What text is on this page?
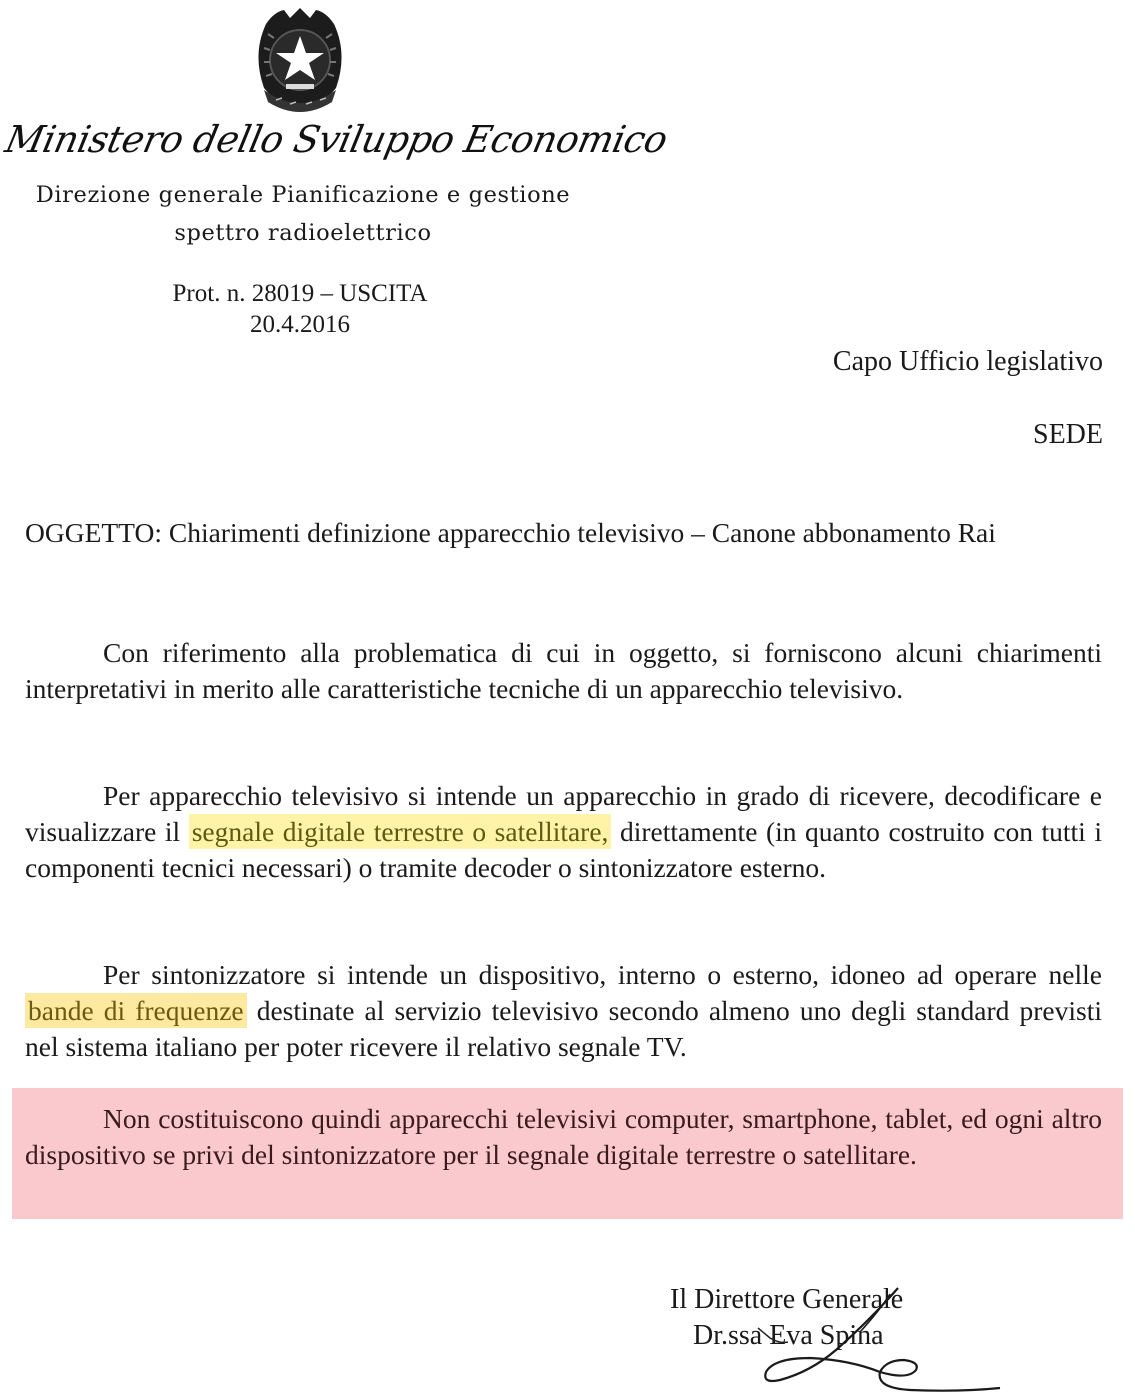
Ministero dello Sviluppo Economico
Direzione generale Pianificazione e gestione
spettro radioelettrico
Prot. n. 28019 – USCITA
20.4.2016
Capo Ufficio legislativo
SEDE
OGGETTO: Chiarimenti definizione apparecchio televisivo – Canone abbonamento Rai
Con riferimento alla problematica di cui in oggetto, si forniscono alcuni chiarimenti interpretativi in merito alle caratteristiche tecniche di un apparecchio televisivo.
Per apparecchio televisivo si intende un apparecchio in grado di ricevere, decodificare e visualizzare il segnale digitale terrestre o satellitare, direttamente (in quanto costruito con tutti i componenti tecnici necessari) o tramite decoder o sintonizzatore esterno.
Per sintonizzatore si intende un dispositivo, interno o esterno, idoneo ad operare nelle bande di frequenze destinate al servizio televisivo secondo almeno uno degli standard previsti nel sistema italiano per poter ricevere il relativo segnale TV.
Non costituiscono quindi apparecchi televisivi computer, smartphone, tablet, ed ogni altro dispositivo se privi del sintonizzatore per il segnale digitale terrestre o satellitare.
Il Direttore Generale
Dr.ssa Eva Spina
